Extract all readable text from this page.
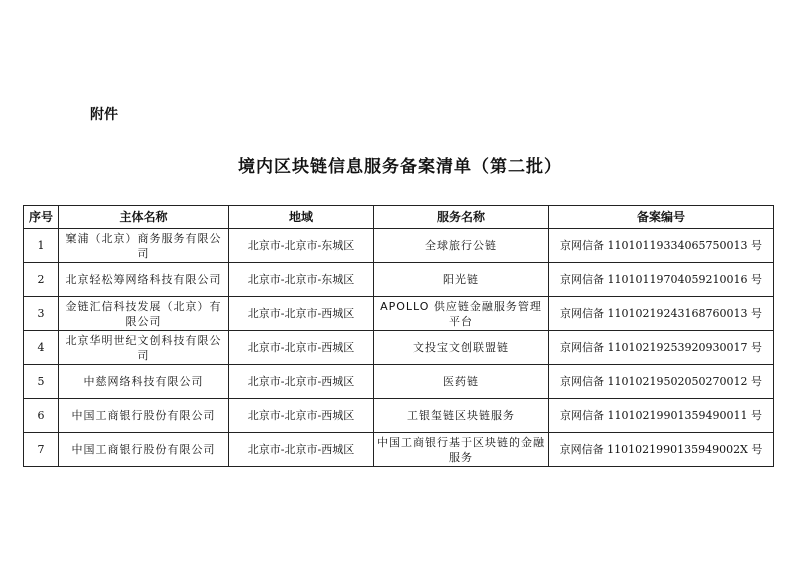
附件
境内区块链信息服务备案清单（第二批）
序号	主体名称	地域	服务名称	备案编号
1	窠浦（北京）商务服务有限公司	北京市-北京市-东城区	全球旅行公链	京网信备 11010119334065750013 号
2	北京轻松筹网络科技有限公司	北京市-北京市-东城区	阳光链	京网信备 11010119704059210016 号
3	金链汇信科技发展（北京）有限公司	北京市-北京市-西城区	APOLLO 供应链金融服务管理平台	京网信备 11010219243168760013 号
4	北京华明世纪文创科技有限公司	北京市-北京市-西城区	文投宝文创联盟链	京网信备 11010219253920930017 号
5	中慈网络科技有限公司	北京市-北京市-西城区	医药链	京网信备 11010219502050270012 号
6	中国工商银行股份有限公司	北京市-北京市-西城区	工银玺链区块链服务	京网信备 11010219901359490011 号
7	中国工商银行股份有限公司	北京市-北京市-西城区	中国工商银行基于区块链的金融服务	京网信备 1101021990135949002X 号
